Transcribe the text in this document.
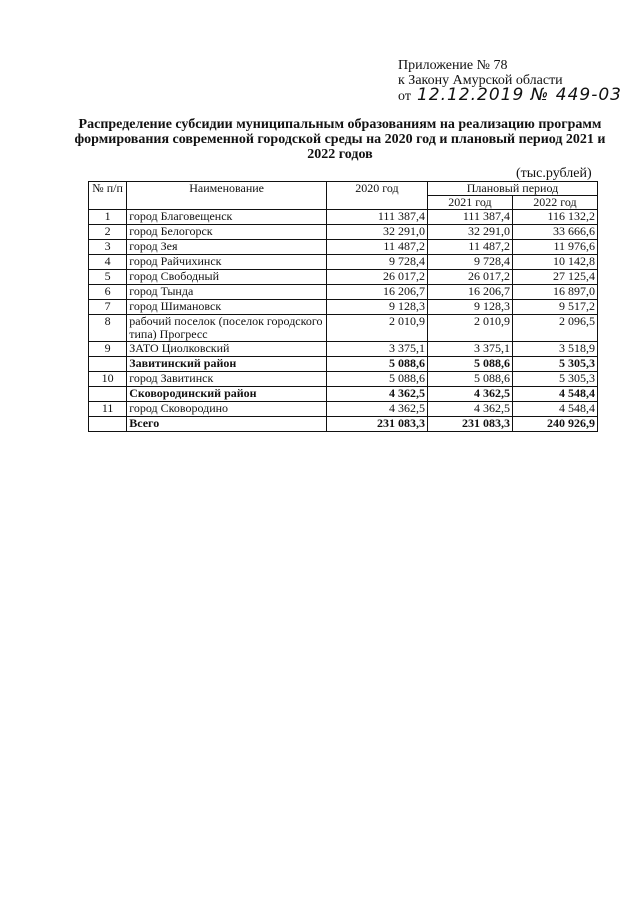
Приложение № 78
к Закону Амурской области
от 12.12.2019 № 449-03
Распределение субсидии муниципальным образованиям на реализацию программ формирования современной городской среды на 2020 год и плановый период 2021 и 2022 годов
(тыс.рублей)
№ п/п	Наименование	2020 год	Плановый период	
			2021 год	2022 год
1	город Благовещенск	111 387,4	111 387,4	116 132,2
2	город Белогорск	32 291,0	32 291,0	33 666,6
3	город Зея	11 487,2	11 487,2	11 976,6
4	город Райчихинск	9 728,4	9 728,4	10 142,8
5	город Свободный	26 017,2	26 017,2	27 125,4
6	город Тында	16 206,7	16 206,7	16 897,0
7	город Шимановск	9 128,3	9 128,3	9 517,2
8	рабочий поселок (поселок городского типа) Прогресс	2 010,9	2 010,9	2 096,5
9	ЗАТО Циолковский	3 375,1	3 375,1	3 518,9
	Завитинский район	5 088,6	5 088,6	5 305,3
10	город Завитинск	5 088,6	5 088,6	5 305,3
	Сковородинский район	4 362,5	4 362,5	4 548,4
11	город Сковородино	4 362,5	4 362,5	4 548,4
	Всего	231 083,3	231 083,3	240 926,9
